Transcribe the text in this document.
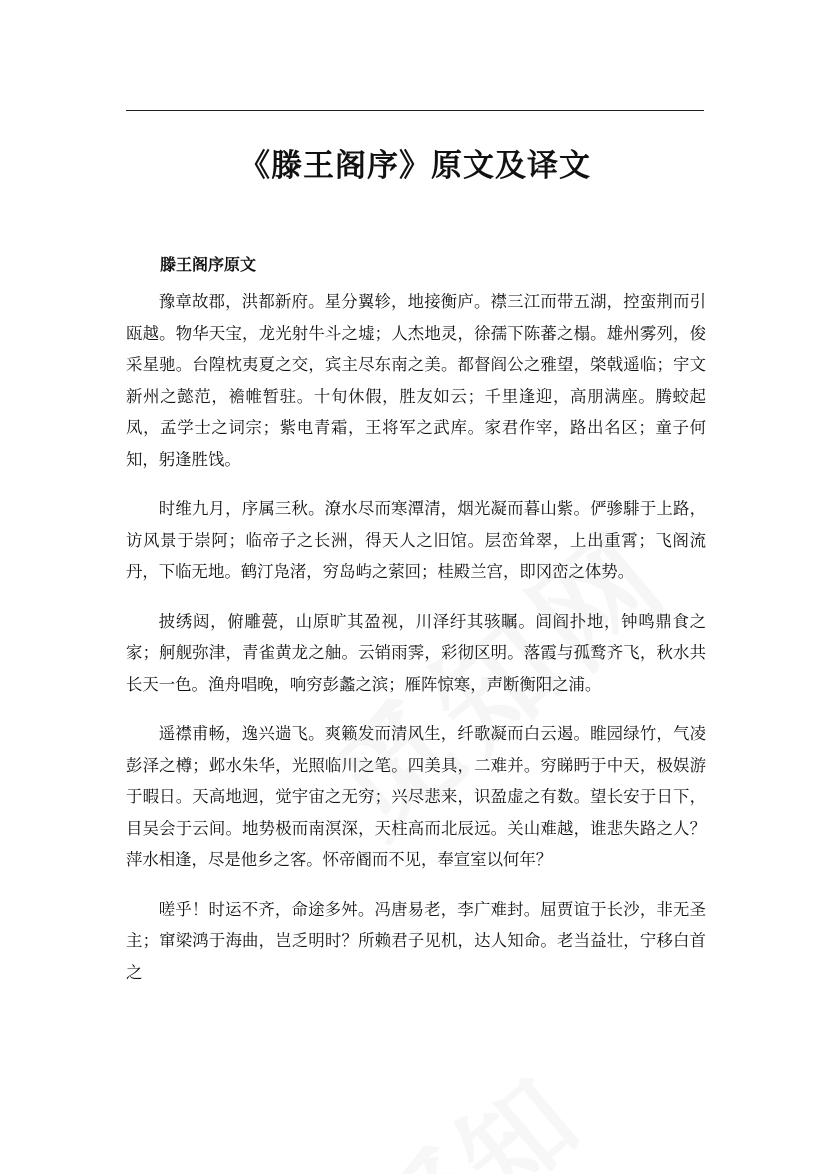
《滕王阁序》原文及译文
滕王阁序原文

豫章故郡，洪都新府。星分翼轸，地接衡庐。襟三江而带五湖，控蛮荆而引瓯越。物华天宝，龙光射牛斗之墟；人杰地灵，徐孺下陈蕃之榻。雄州雾列，俊采星驰。台隍枕夷夏之交，宾主尽东南之美。都督阎公之雅望，棨戟遥临；宇文新州之懿范，襜帷暂驻。十旬休假，胜友如云；千里逢迎，高朋满座。腾蛟起凤，孟学士之词宗；紫电青霜，王将军之武库。家君作宰，路出名区；童子何知，躬逢胜饯。

时维九月，序属三秋。潦水尽而寒潭清，烟光凝而暮山紫。俨骖騑于上路，访风景于崇阿；临帝子之长洲，得天人之旧馆。层峦耸翠，上出重霄；飞阁流丹，下临无地。鹤汀凫渚，穷岛屿之萦回；桂殿兰宫，即冈峦之体势。

披绣闼，俯雕甍，山原旷其盈视，川泽纡其骇瞩。闾阎扑地，钟鸣鼎食之家；舸舰弥津，青雀黄龙之舳。云销雨霁，彩彻区明。落霞与孤鹜齐飞，秋水共长天一色。渔舟唱晚，响穷彭蠡之滨；雁阵惊寒，声断衡阳之浦。

遥襟甫畅，逸兴遄飞。爽籁发而清风生，纤歌凝而白云遏。睢园绿竹，气凌彭泽之樽；邺水朱华，光照临川之笔。四美具，二难并。穷睇眄于中天，极娱游于暇日。天高地迥，觉宇宙之无穷；兴尽悲来，识盈虚之有数。望长安于日下，目吴会于云间。地势极而南溟深，天柱高而北辰远。关山难越，谁悲失路之人？萍水相逢，尽是他乡之客。怀帝阍而不见，奉宣室以何年？

嗟乎！时运不齐，命途多舛。冯唐易老，李广难封。屈贾谊于长沙，非无圣主；窜梁鸿于海曲，岂乏明时？所赖君子见机，达人知命。老当益壮，宁移白首之
